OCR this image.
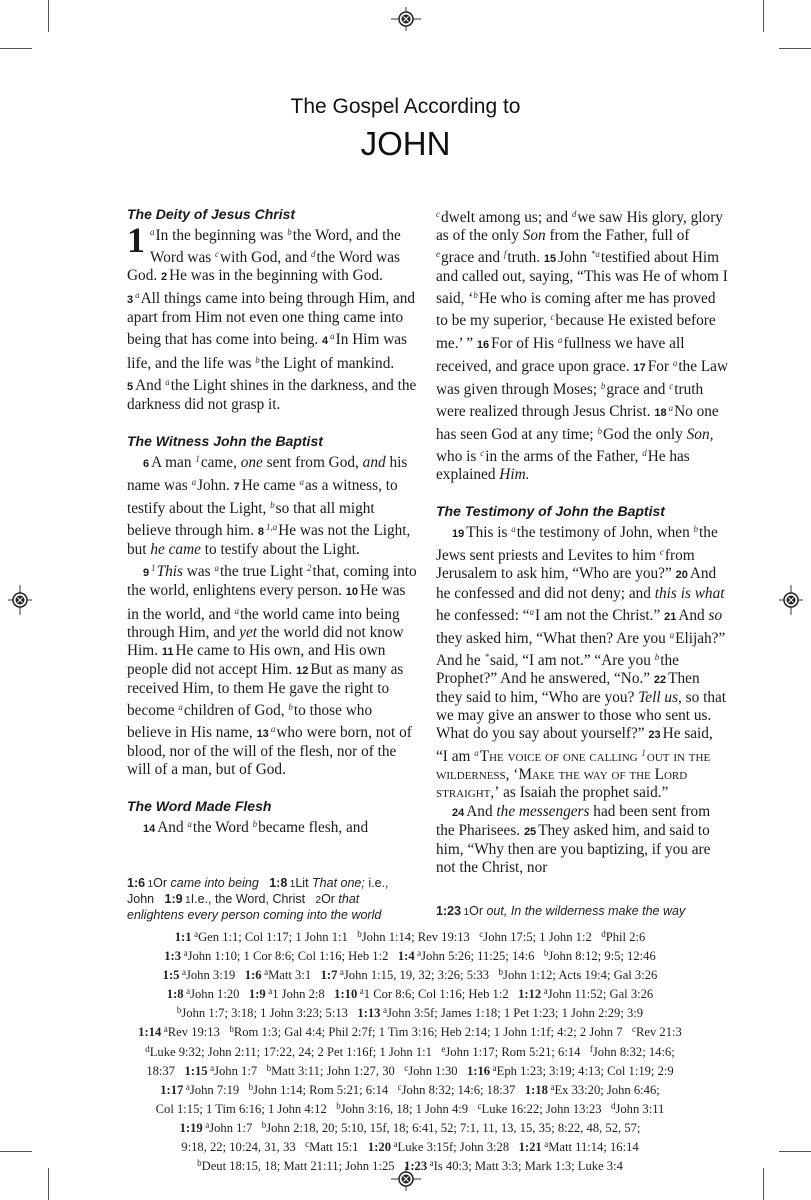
The Gospel According to
JOHN
The Deity of Jesus Christ

1 $^a$In the beginning was $^b$the Word, and the Word was $^c$with God, and $^d$the Word was God. 2 He was in the beginning with God. 3 $^a$All things came into being through Him, and apart from Him not even one thing came into being that has come into being. 4 $^a$In Him was life, and the life was $^b$the Light of mankind. 5 And $^a$the Light shines in the darkness, and the darkness did not grasp it.

The Witness John the Baptist

6 A man $^1$came, one sent from God, and his name was $^a$John. 7 He came $^a$as a witness, to testify about the Light, $^b$so that all might believe through him. 8 $^{1,a}$He was not the Light, but he came to testify about the Light.

9 $^1$This was $^a$the true Light $^2$that, coming into the world, enlightens every person. 10 He was in the world, and $^a$the world came into being through Him, and yet the world did not know Him. 11 He came to His own, and His own people did not accept Him. 12 But as many as received Him, to them He gave the right to become $^a$children of God, $^b$to those who believe in His name, 13 $^a$who were born, not of blood, nor of the will of the flesh, nor of the will of a man, but of God.

The Word Made Flesh

14 And $^a$the Word $^b$became flesh, and

$^c$dwelt among us; and $^d$we saw His glory, glory as of the only Son from the Father, full of $^e$grace and $^f$truth. 15 John $^{*a}$testified about Him and called out, saying, “This was He of whom I said, ‘$^b$He who is coming after me has proved to be my superior, $^c$because He existed before me.’ ” 16 For of His $^a$fullness we have all received, and grace upon grace. 17 For $^a$the Law was given through Moses; $^b$grace and $^c$truth were realized through Jesus Christ. 18 $^a$No one has seen God at any time; $^b$God the only Son, who is $^c$in the arms of the Father, $^d$He has explained Him.

The Testimony of John the Baptist

19 This is $^a$the testimony of John, when $^b$the Jews sent priests and Levites to him $^c$from Jerusalem to ask him, “Who are you?” 20 And he confessed and did not deny; and this is what he confessed: “$^a$I am not the Christ.” 21 And so they asked him, “What then? Are you $^a$Elijah?” And he *said, “I am not.” “Are you $^b$the Prophet?” And he answered, “No.” 22 Then they said to him, “Who are you? Tell us, so that we may give an answer to those who sent us. What do you say about yourself?” 23 He said, “I am $^a$The voice of one calling $^1$out in the wilderness, ‘Make the way of the Lord straight,’ as Isaiah the prophet said.”

24 And the messengers had been sent from the Pharisees. 25 They asked him, and said to him, “Why then are you baptizing, if you are not the Christ, nor

1:6  1Or came into being 1:8  1Lit That one; i.e., John   1:9  1I.e., the Word, Christ   2Or that enlightens every person coming into the world	1:23  1Or out, In the wilderness make the way
1:1  $^a$Gen 1:1; Col 1:17; 1 John 1:1   $^b$John 1:14; Rev 19:13   $^c$John 17:5; 1 John 1:2   $^d$Phil 2:6
1:3  $^a$John 1:10; 1 Cor 8:6; Col 1:16; Heb 1:2   1:4  $^a$John 5:26; 11:25; 14:6   $^b$John 8:12; 9:5; 12:46
1:5  $^a$John 3:19   1:6  $^a$Matt 3:1   1:7  $^a$John 1:15, 19, 32; 3:26; 5:33   $^b$John 1:12; Acts 19:4; Gal 3:26
1:8  $^a$John 1:20   1:9  $^a$1 John 2:8   1:10  $^a$1 Cor 8:6; Col 1:16; Heb 1:2   1:12  $^a$John 11:52; Gal 3:26
$^b$John 1:7; 3:18; 1 John 3:23; 5:13   1:13  $^a$John 3:5f; James 1:18; 1 Pet 1:23; 1 John 2:29; 3:9
1:14  $^a$Rev 19:13   $^b$Rom 1:3; Gal 4:4; Phil 2:7f; 1 Tim 3:16; Heb 2:14; 1 John 1:1f; 4:2; 2 John 7   $^c$Rev 21:3
$^d$Luke 9:32; John 2:11; 17:22, 24; 2 Pet 1:16f; 1 John 1:1   $^e$John 1:17; Rom 5:21; 6:14   $^f$John 8:32; 14:6;
18:37   1:15  $^a$John 1:7   $^b$Matt 3:11; John 1:27, 30   $^c$John 1:30   1:16  $^a$Eph 1:23; 3:19; 4:13; Col 1:19; 2:9
1:17  $^a$John 7:19   $^b$John 1:14; Rom 5:21; 6:14   $^c$John 8:32; 14:6; 18:37   1:18  $^a$Ex 33:20; John 6:46;
Col 1:15; 1 Tim 6:16; 1 John 4:12   $^b$John 3:16, 18; 1 John 4:9   $^c$Luke 16:22; John 13:23   $^d$John 3:11
1:19  $^a$John 1:7   $^b$John 2:18, 20; 5:10, 15f, 18; 6:41, 52; 7:1, 11, 13, 15, 35; 8:22, 48, 52, 57;
9:18, 22; 10:24, 31, 33   $^c$Matt 15:1   1:20  $^a$Luke 3:15f; John 3:28   1:21  $^a$Matt 11:14; 16:14
$^b$Deut 18:15, 18; Matt 21:11; John 1:25   1:23  $^a$Is 40:3; Matt 3:3; Mark 1:3; Luke 3:4
